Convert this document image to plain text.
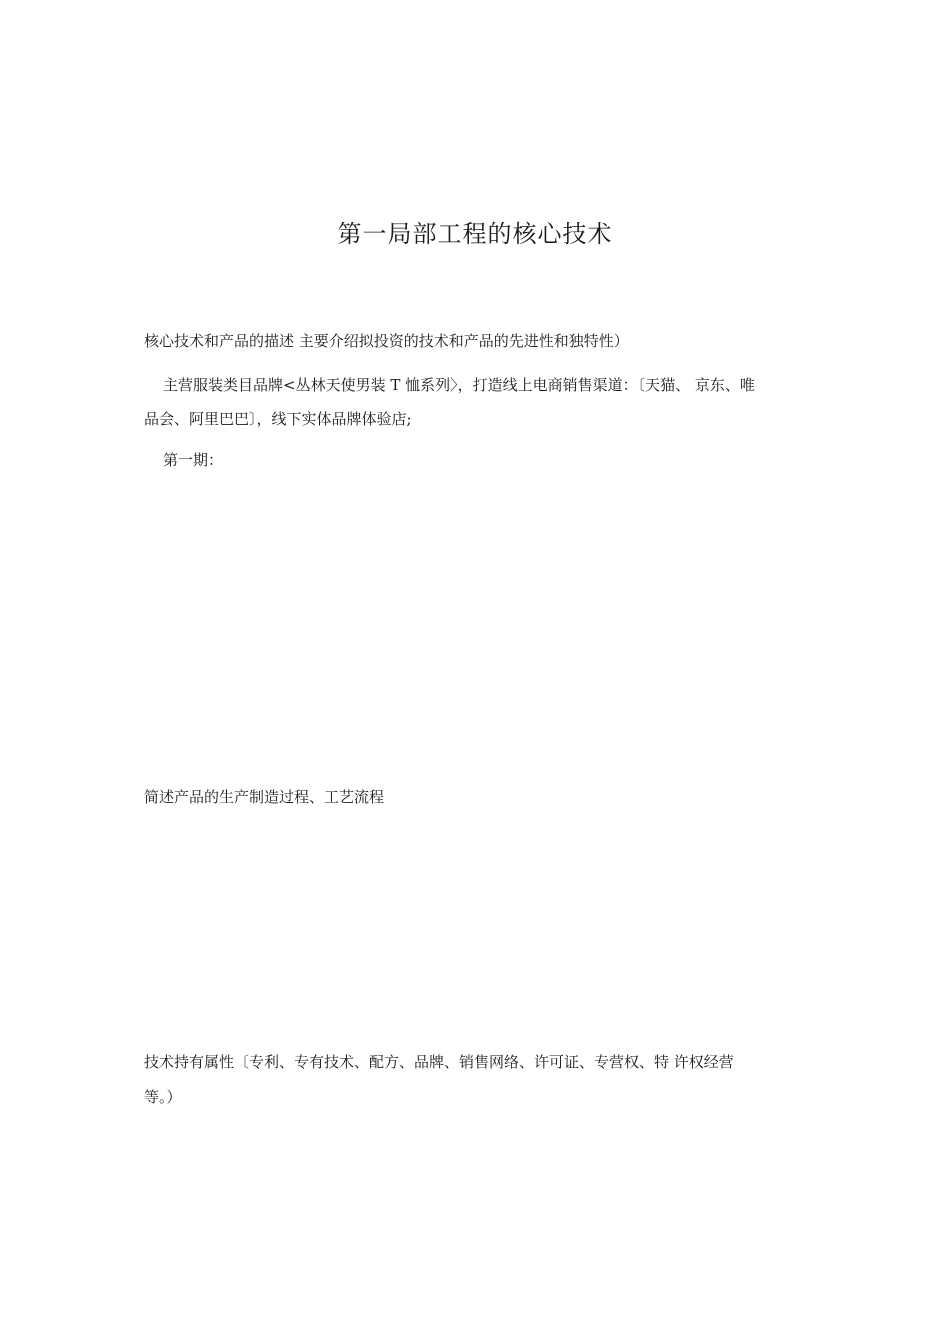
第一局部工程的核心技术
核心技术和产品的描述 主要介绍拟投资的技术和产品的先进性和独特性）
主营服装类目品牌<丛林天使男装 T 恤系列〉，打造线上电商销售渠道：〔天猫、 京东、唯
品会、阿里巴巴〕，线下实体品牌体验店;
第一期：
简述产品的生产制造过程、工艺流程
技术持有属性〔专利、专有技术、配方、品牌、销售网络、许可证、专营权、特 许权经营
等。）
